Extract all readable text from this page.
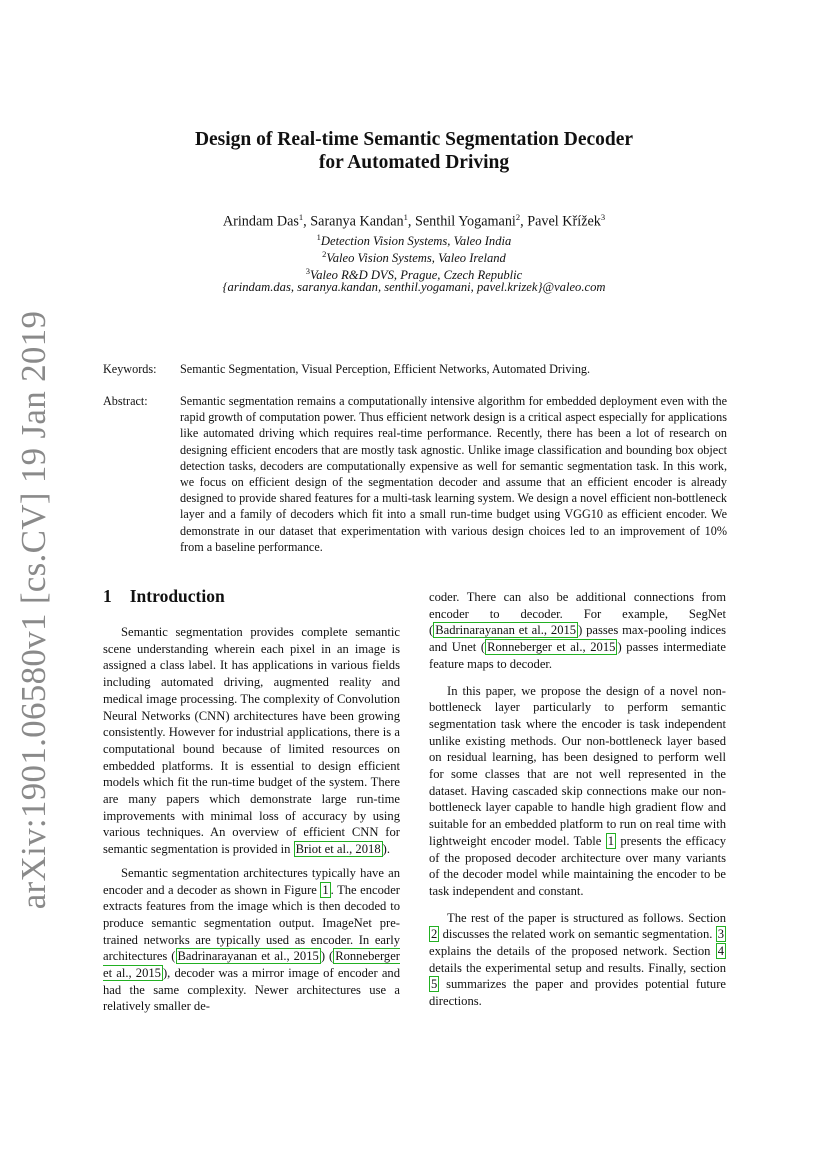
arXiv:1901.06580v1 [cs.CV] 19 Jan 2019
Design of Real-time Semantic Segmentation Decoder
for Automated Driving
Arindam Das$^1$, Saranya Kandan$^1$, Senthil Yogamani$^2$, Pavel Křížek$^3$
$^1$Detection Vision Systems, Valeo India
$^2$Valeo Vision Systems, Valeo Ireland
$^3$Valeo R&D DVS, Prague, Czech Republic
{arindam.das, saranya.kandan, senthil.yogamani, pavel.krizek}@valeo.com
Keywords:	Semantic Segmentation, Visual Perception, Efficient Networks, Automated Driving.
Abstract:	Semantic segmentation remains a computationally intensive algorithm for embedded deployment even with the rapid growth of computation power. Thus efficient network design is a critical aspect especially for applications like automated driving which requires real-time performance. Recently, there has been a lot of research on designing efficient encoders that are mostly task agnostic. Unlike image classification and bounding box object detection tasks, decoders are computationally expensive as well for semantic segmentation task. In this work, we focus on efficient design of the segmentation decoder and assume that an efficient encoder is already designed to provide shared features for a multi-task learning system. We design a novel efficient non-bottleneck layer and a family of decoders which fit into a small run-time budget using VGG10 as efficient encoder. We demonstrate in our dataset that experimentation with various design choices led to an improvement of 10% from a baseline performance.
1 Introduction

Semantic segmentation provides complete semantic scene understanding wherein each pixel in an image is assigned a class label. It has applications in various fields including automated driving, augmented reality and medical image processing. The complexity of Convolution Neural Networks (CNN) architectures have been growing consistently. However for industrial applications, there is a computational bound because of limited resources on embedded platforms. It is essential to design efficient models which fit the run-time budget of the system. There are many papers which demonstrate large run-time improvements with minimal loss of accuracy by using various techniques. An overview of efficient CNN for semantic segmentation is provided in Briot et al., 2018 ).

Semantic segmentation architectures typically have an encoder and a decoder as shown in Figure 1 . The encoder extracts features from the image which is then decoded to produce semantic segmentation output. ImageNet pre-trained networks are typically used as encoder. In early architectures ( Badrinarayanan et al., 2015 ) ( Ronneberger et al., 2015 ), decoder was a mirror image of encoder and had the same complexity. Newer architectures use a relatively smaller de-

coder. There can also be additional connections from encoder to decoder. For example, SegNet ( Badrinarayanan et al., 2015 ) passes max-pooling indices and Unet ( Ronneberger et al., 2015 ) passes intermediate feature maps to decoder.

In this paper, we propose the design of a novel non-bottleneck layer particularly to perform semantic segmentation task where the encoder is task independent unlike existing methods. Our non-bottleneck layer based on residual learning, has been designed to perform well for some classes that are not well represented in the dataset. Having cascaded skip connections make our non-bottleneck layer capable to handle high gradient flow and suitable for an embedded platform to run on real time with lightweight encoder model. Table 1 presents the efficacy of the proposed decoder architecture over many variants of the decoder model while maintaining the encoder to be task independent and constant.

The rest of the paper is structured as follows. Section 2 discusses the related work on semantic segmentation. 3 explains the details of the proposed network. Section 4 details the experimental setup and results. Finally, section 5 summarizes the paper and provides potential future directions.
